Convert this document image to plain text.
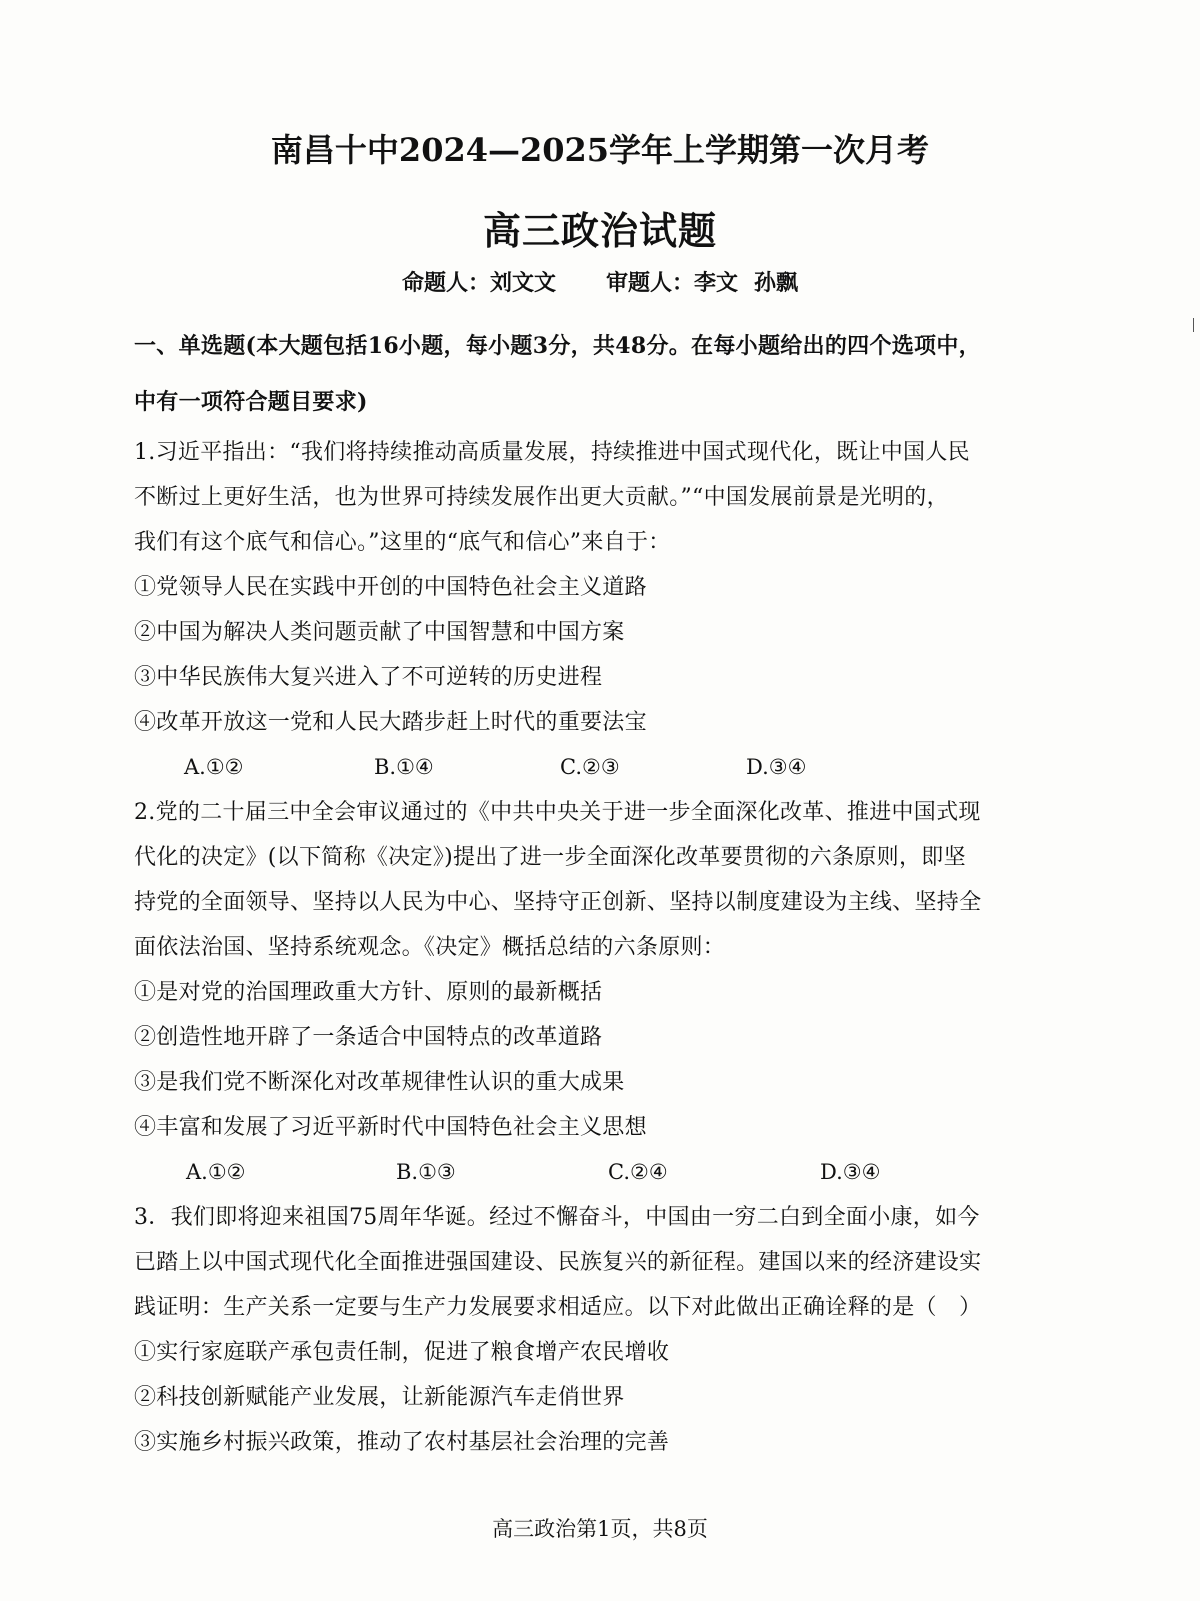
南昌十中2024—2025学年上学期第一次月考
高三政治试题
命题人：刘文文 审题人：李文 孙飘
一、单选题(本大题包括16小题，每小题3分，共48分。在每小题给出的四个选项中，
中有一项符合题目要求)
1.习近平指出：“我们将持续推动高质量发展，持续推进中国式现代化，既让中国人民
不断过上更好生活，也为世界可持续发展作出更大贡献。”“中国发展前景是光明的，
我们有这个底气和信心。”这里的“底气和信心”来自于：
①党领导人民在实践中开创的中国特色社会主义道路
②中国为解决人类问题贡献了中国智慧和中国方案
③中华民族伟大复兴进入了不可逆转的历史进程
④改革开放这一党和人民大踏步赶上时代的重要法宝
A.①②	B.①④	C.②③	D.③④
2.党的二十届三中全会审议通过的《中共中央关于进一步全面深化改革、推进中国式现
代化的决定》(以下简称《决定》)提出了进一步全面深化改革要贯彻的六条原则，即坚
持党的全面领导、坚持以人民为中心、坚持守正创新、坚持以制度建设为主线、坚持全
面依法治国、坚持系统观念。《决定》概括总结的六条原则：
①是对党的治国理政重大方针、原则的最新概括
②创造性地开辟了一条适合中国特点的改革道路
③是我们党不断深化对改革规律性认识的重大成果
④丰富和发展了习近平新时代中国特色社会主义思想
A.①②	B.①③	C.②④	D.③④
3．我们即将迎来祖国75周年华诞。经过不懈奋斗，中国由一穷二白到全面小康，如今
已踏上以中国式现代化全面推进强国建设、民族复兴的新征程。建国以来的经济建设实
践证明：生产关系一定要与生产力发展要求相适应。以下对此做出正确诠释的是（　）
①实行家庭联产承包责任制，促进了粮食增产农民增收
②科技创新赋能产业发展，让新能源汽车走俏世界
③实施乡村振兴政策，推动了农村基层社会治理的完善
高三政治第1页，共8页
